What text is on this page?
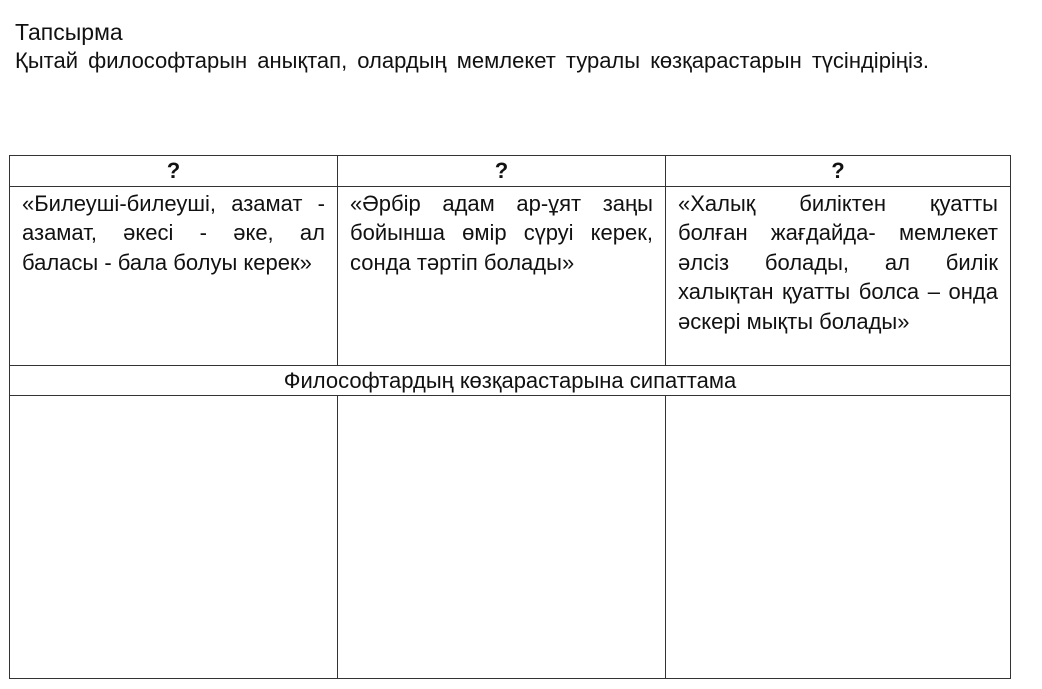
Тапсырма
Қытай философтарын анықтап, олардың мемлекет туралы көзқарастарын түсіндіріңіз.
?	?	?

«Билеуші-билеуші, азамат - азамат, әкесі - әке, ал баласы - бала болуы керек»	«Әрбір адам ар-ұят заңы бойынша өмір сүруі керек, сонда тәртіп болады»	«Халық биліктен қуатты болған жағдайда- мемлекет әлсіз болады, ал билік халықтан қуатты болса – онда әскері мықты болады»

Философтардың көзқарастарына сипаттама		
